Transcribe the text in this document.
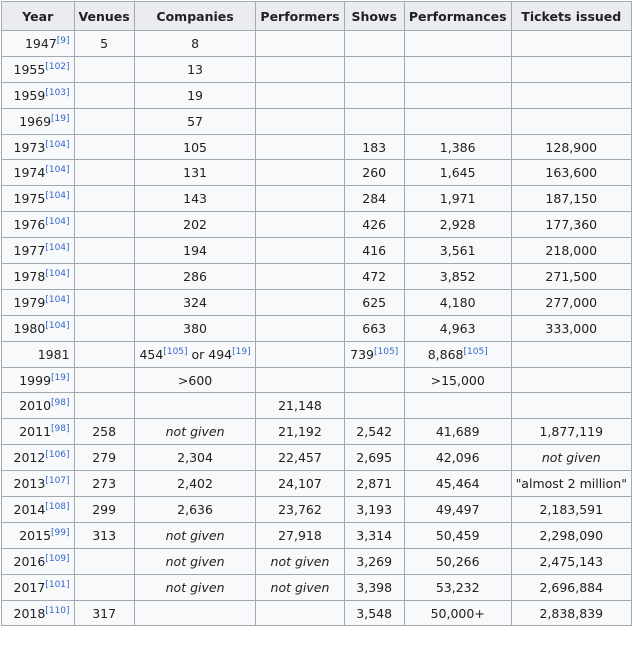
Year	Venues	Companies	Performers	Shows	Performances	Tickets issued
1947[9]	5	8				
1955[102]		13				
1959[103]		19				
1969[19]		57				
1973[104]		105		183	1,386	128,900
1974[104]		131		260	1,645	163,600
1975[104]		143		284	1,971	187,150
1976[104]		202		426	2,928	177,360
1977[104]		194		416	3,561	218,000
1978[104]		286		472	3,852	271,500
1979[104]		324		625	4,180	277,000
1980[104]		380		663	4,963	333,000
1981		454[105] or 494[19]		739[105]	8,868[105]	
1999[19]		>600			>15,000	
2010[98]			21,148			
2011[98]	258	not given	21,192	2,542	41,689	1,877,119
2012[106]	279	2,304	22,457	2,695	42,096	not given
2013[107]	273	2,402	24,107	2,871	45,464	"almost 2 million"
2014[108]	299	2,636	23,762	3,193	49,497	2,183,591
2015[99]	313	not given	27,918	3,314	50,459	2,298,090
2016[109]		not given	not given	3,269	50,266	2,475,143
2017[101]		not given	not given	3,398	53,232	2,696,884
2018[110]	317			3,548	50,000+	2,838,839
